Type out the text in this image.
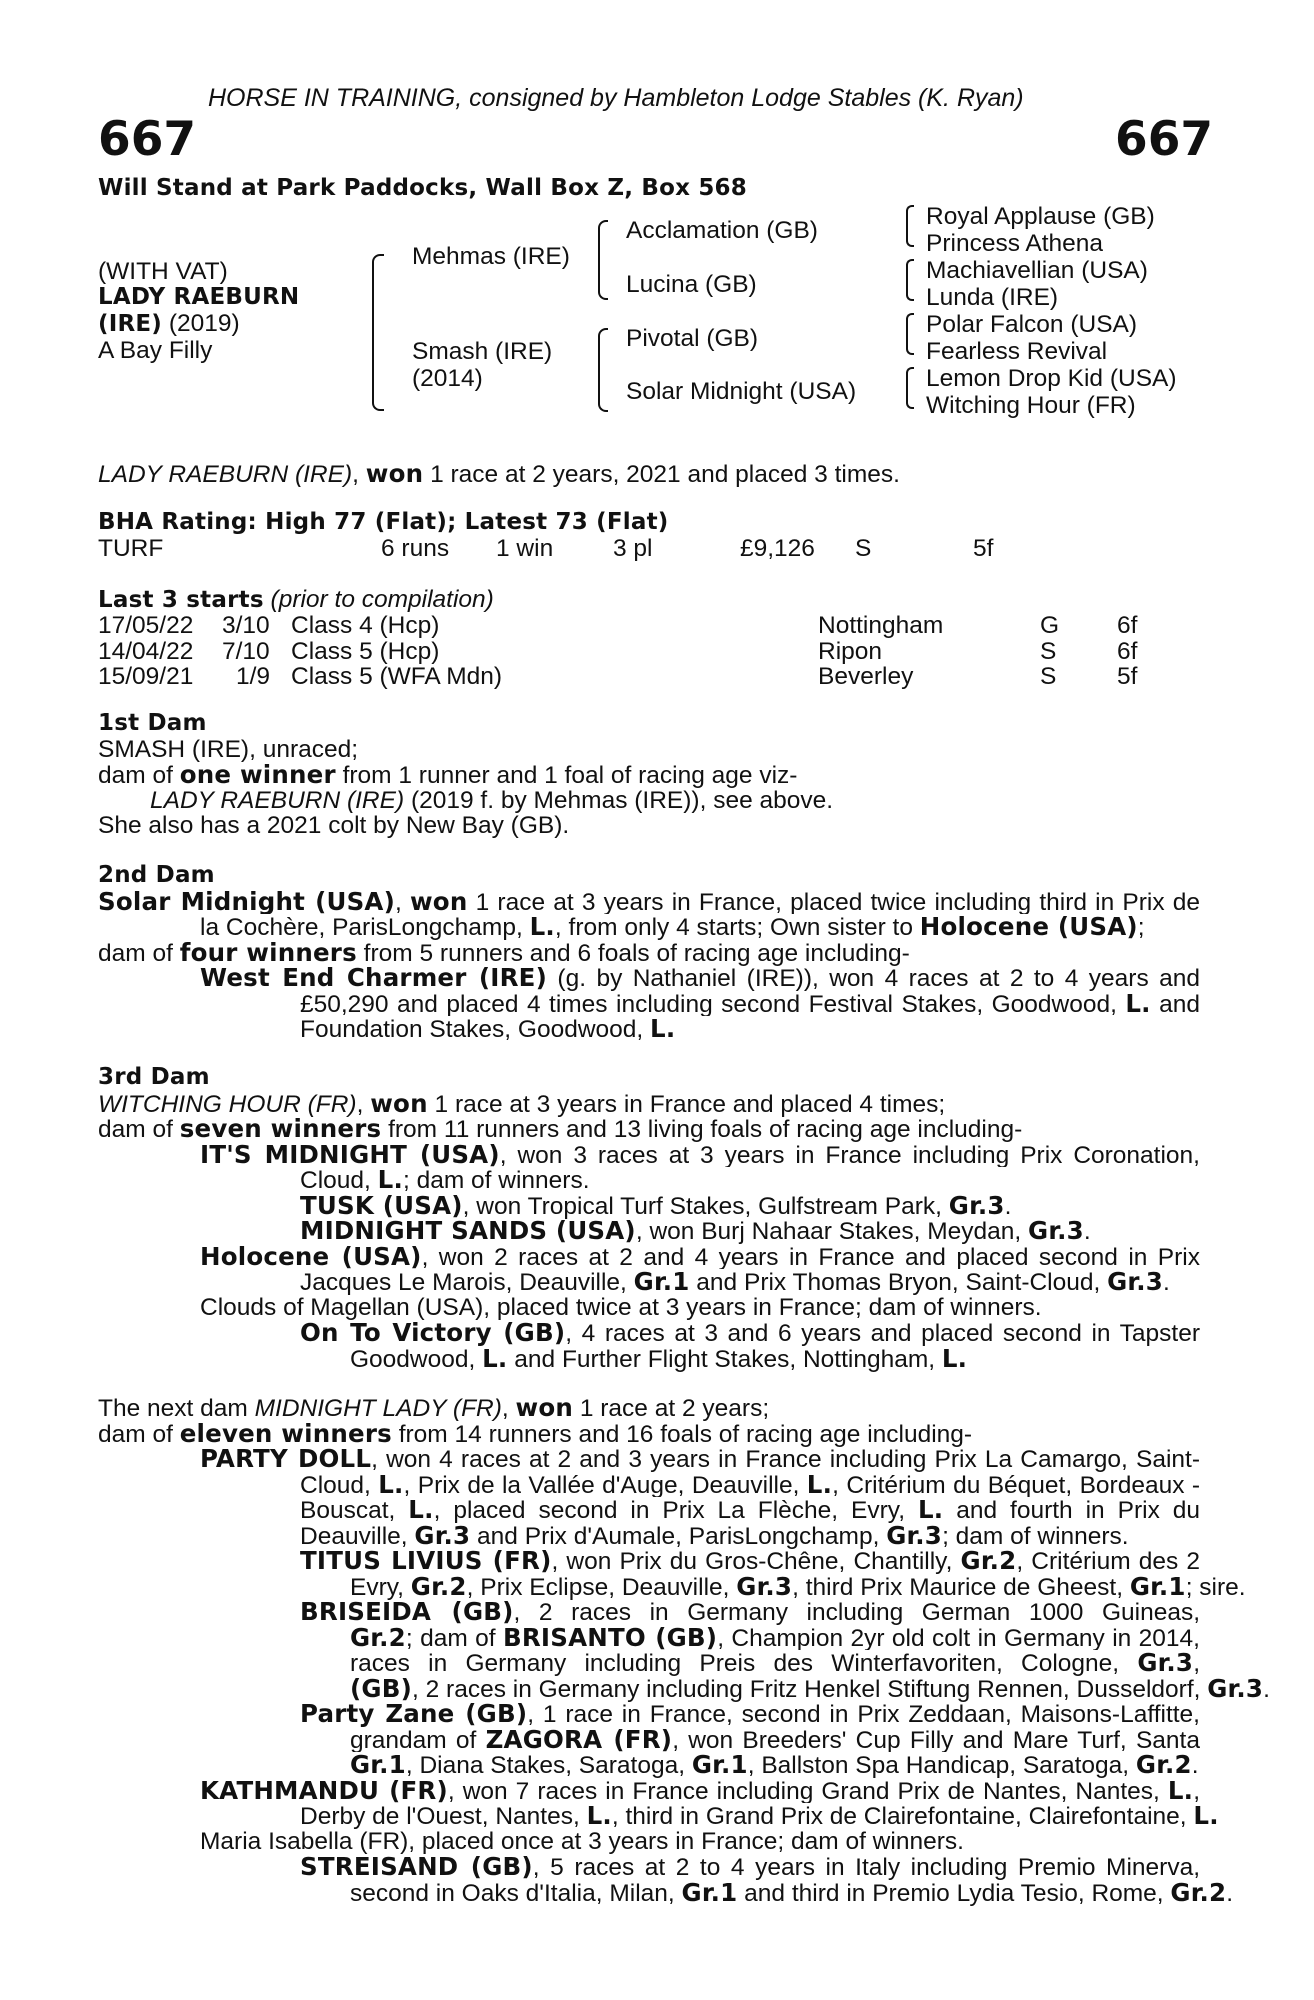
HORSE IN TRAINING, consigned by Hambleton Lodge Stables (K. Ryan)
667	667
Will Stand at Park Paddocks, Wall Box Z, Box 568
(WITH VAT)
LADY RAEBURN
(IRE) (2019)
A Bay Filly
Mehmas (IRE)
Smash (IRE)
(2014)
Acclamation (GB)
Lucina (GB)
Pivotal (GB)
Solar Midnight (USA)
Royal Applause (GB)
Princess Athena
Machiavellian (USA)
Lunda (IRE)
Polar Falcon (USA)
Fearless Revival
Lemon Drop Kid (USA)
Witching Hour (FR)
LADY RAEBURN (IRE), won 1 race at 2 years, 2021 and placed 3 times.
BHA Rating: High 77 (Flat); Latest 73 (Flat)
TURF	6 runs 1 win 3 pl	£9,126 S	5f
Last 3 starts (prior to compilation)
17/05/22 3/10 Class 4 (Hcp)	Nottingham	G 6f
14/04/22 7/10 Class 5 (Hcp)	Ripon	S 6f
15/09/21 1/9 Class 5 (WFA Mdn)	Beverley	S 5f
1st Dam
SMASH (IRE), unraced;
dam of one winner from 1 runner and 1 foal of racing age viz-
LADY RAEBURN (IRE) (2019 f. by Mehmas (IRE)), see above.
She also has a 2021 colt by New Bay (GB).
2nd Dam
Solar Midnight (USA), won 1 race at 3 years in France, placed twice including third in Prix de
la Cochère, ParisLongchamp, L., from only 4 starts; Own sister to Holocene (USA);
dam of four winners from 5 runners and 6 foals of racing age including-
West End Charmer (IRE) (g. by Nathaniel (IRE)), won 4 races at 2 to 4 years and
£50,290 and placed 4 times including second Festival Stakes, Goodwood, L. and
Foundation Stakes, Goodwood, L.
3rd Dam
WITCHING HOUR (FR), won 1 race at 3 years in France and placed 4 times;
dam of seven winners from 11 runners and 13 living foals of racing age including-
IT'S MIDNIGHT (USA), won 3 races at 3 years in France including Prix Coronation,
Cloud, L.; dam of winners.
TUSK (USA), won Tropical Turf Stakes, Gulfstream Park, Gr.3.
MIDNIGHT SANDS (USA), won Burj Nahaar Stakes, Meydan, Gr.3.
Holocene (USA), won 2 races at 2 and 4 years in France and placed second in Prix
Jacques Le Marois, Deauville, Gr.1 and Prix Thomas Bryon, Saint-Cloud, Gr.3.
Clouds of Magellan (USA), placed twice at 3 years in France; dam of winners.
On To Victory (GB), 4 races at 3 and 6 years and placed second in Tapster
Goodwood, L. and Further Flight Stakes, Nottingham, L.
The next dam MIDNIGHT LADY (FR), won 1 race at 2 years;
dam of eleven winners from 14 runners and 16 foals of racing age including-
PARTY DOLL, won 4 races at 2 and 3 years in France including Prix La Camargo, Saint-
Cloud, L., Prix de la Vallée d'Auge, Deauville, L., Critérium du Béquet, Bordeaux -
Bouscat, L., placed second in Prix La Flèche, Evry, L. and fourth in Prix du
Deauville, Gr.3 and Prix d'Aumale, ParisLongchamp, Gr.3; dam of winners.
TITUS LIVIUS (FR), won Prix du Gros-Chêne, Chantilly, Gr.2, Critérium des 2
Evry, Gr.2, Prix Eclipse, Deauville, Gr.3, third Prix Maurice de Gheest, Gr.1; sire.
BRISEIDA (GB), 2 races in Germany including German 1000 Guineas,
Gr.2; dam of BRISANTO (GB), Champion 2yr old colt in Germany in 2014,
races in Germany including Preis des Winterfavoriten, Cologne, Gr.3,
(GB), 2 races in Germany including Fritz Henkel Stiftung Rennen, Dusseldorf, Gr.3.
Party Zane (GB), 1 race in France, second in Prix Zeddaan, Maisons-Laffitte,
grandam of ZAGORA (FR), won Breeders' Cup Filly and Mare Turf, Santa
Gr.1, Diana Stakes, Saratoga, Gr.1, Ballston Spa Handicap, Saratoga, Gr.2.
KATHMANDU (FR), won 7 races in France including Grand Prix de Nantes, Nantes, L.,
Derby de l'Ouest, Nantes, L., third in Grand Prix de Clairefontaine, Clairefontaine, L.
Maria Isabella (FR), placed once at 3 years in France; dam of winners.
STREISAND (GB), 5 races at 2 to 4 years in Italy including Premio Minerva,
second in Oaks d'Italia, Milan, Gr.1 and third in Premio Lydia Tesio, Rome, Gr.2.
